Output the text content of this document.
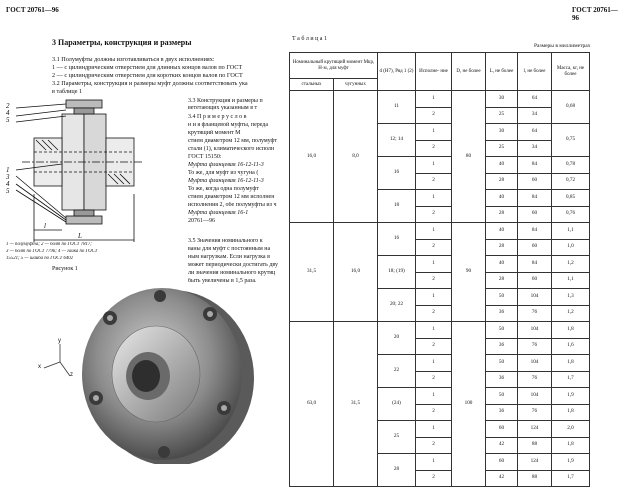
ГОСТ 20761—96	ГОСТ 20761—96
3 Параметры, конструкция и размеры
3.1 Полумуфты должны изготавливаться в двух исполнениях:
1 — с цилиндрическим отверстием для длинных концов валов по ГОСТ
2 — с цилиндрическим отверстием для коротких концов валов по ГОСТ
3.2 Параметры, конструкция и размеры муфт должны соответствовать ука
в таблице 1
2
4
5
1
3
4
5
l
L
1 — полумуфта; 2 — болт по ГОСТ 7817;
3 — болт по ГОСТ 7796; 4 — гайка по ГОСТ
15521; 5 — шайба по ГОСТ 6402
Рисунок 1
3.3 Конструкция и размеры п
вететающих указанным в т
3.4 П р и м е р у с л о в
н и я фланцевой муфты, переда
крутящий момент M
стием диаметром 12 мм, полумуфт
стали (1), климатического исполн
ГОСТ 15150:
Муфта фланцевая 16-12-11-3
То же, для муфт из чугуна (
Муфта фланцевая 16-12-11-3
То же, когда одна полумуфт
стием диаметром 12 мм исполнен
исполнения 2, обе полумуфты из ч
Муфта фланцевая 16-1
20761—96
3.5 Значения номинального к
ваны для муфт с постоянным на
ным нагрузкам. Если нагрузка в
может периодически достигать дву
ли значения номинального крутяц
быть увеличены в 1,5 раза.
y
x
z
Т а б л и ц а 1
Размеры в миллиметрах
Номинальный крутящий момент Mкр, Н·м, для муфт		d (Н7), Ряд 1 (2)	Исполне- ние	D, не более	L, не более	l, не более	Масса, кг, не более
стальных	чугунных						
16,0	8,0	11	1	80	30	64	0,68
			2		25	34	
		12; 14	1		30	64	0,75
			2		25	34	
		16	1		40	84	0,78
			2		28	60	0,72
		18	1		40	84	0,85
			2		28	60	0,76
31,5	16,0	16	1	90	40	84	1,1
			2		28	60	1,0
		18; (19)	1		40	84	1,2
			2		28	60	1,1
		20; 22	1		50	104	1,3
			2		36	76	1,2
63,0	31,5	20	1	100	50	104	1,8
			2		36	76	1,6
		22	1		50	104	1,8
			2		36	76	1,7
		(24)	1		50	104	1,9
			2		36	76	1,8
		25	1		60	124	2,0
			2		42	88	1,8
		28	1		60	124	1,9
			2		42	88	1,7
